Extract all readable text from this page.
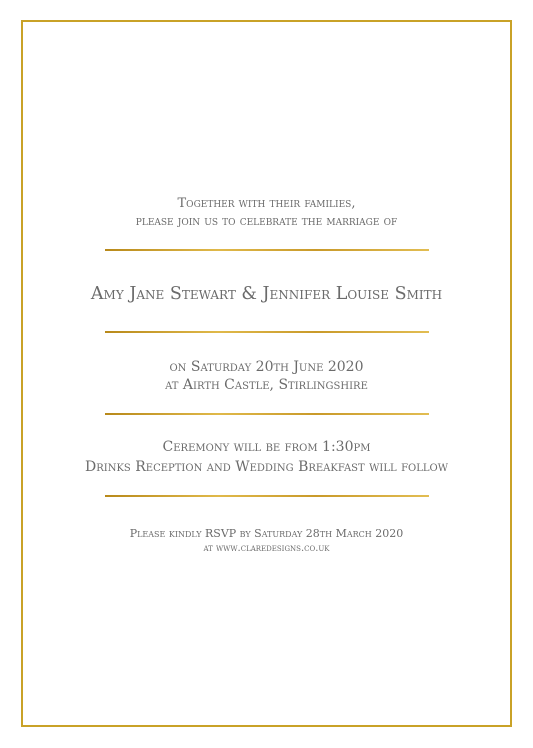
Together with their families,
please join us to celebrate the marriage of
Amy Jane Stewart & Jennifer Louise Smith
on Saturday 20th June 2020
at Airth Castle, Stirlingshire
Ceremony will be from 1:30pm
Drinks Reception and Wedding Breakfast will follow
Please kindly RSVP by Saturday 28th March 2020
at www.claredesigns.co.uk
